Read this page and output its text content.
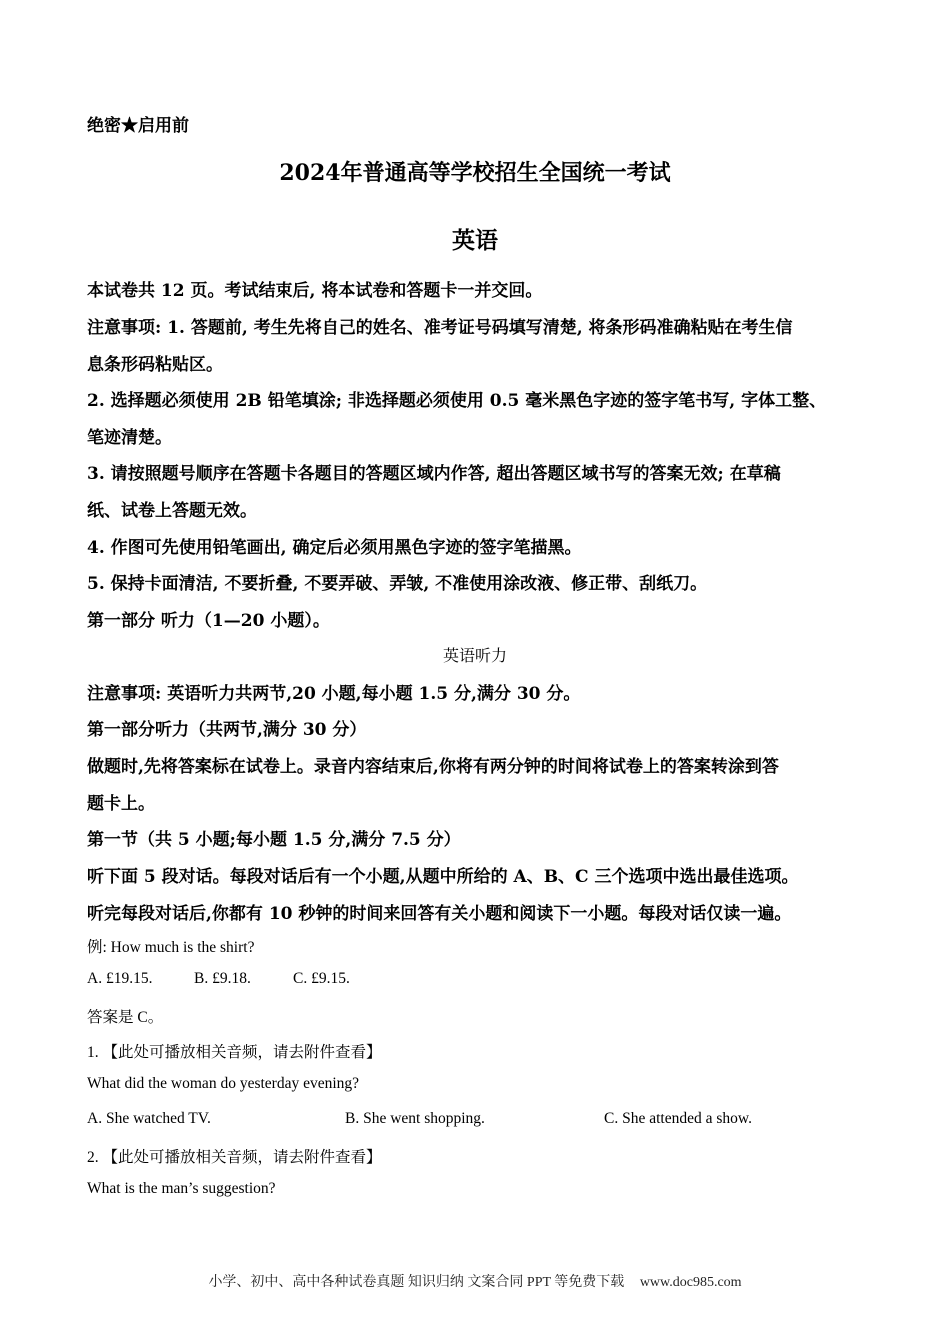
绝密★启用前
2024年普通高等学校招生全国统一考试
英语
本试卷共 12 页。考试结束后, 将本试卷和答题卡一并交回。
注意事项: 1. 答题前, 考生先将自己的姓名、准考证号码填写清楚, 将条形码准确粘贴在考生信
息条形码粘贴区。
2. 选择题必须使用 2B 铅笔填涂; 非选择题必须使用 0.5 毫米黑色字迹的签字笔书写, 字体工整、
笔迹清楚。
3. 请按照题号顺序在答题卡各题目的答题区域内作答, 超出答题区域书写的答案无效; 在草稿
纸、试卷上答题无效。
4. 作图可先使用铅笔画出, 确定后必须用黑色字迹的签字笔描黑。
5. 保持卡面清洁, 不要折叠, 不要弄破、弄皱, 不准使用涂改液、修正带、刮纸刀。
第一部分 听力（1—20 小题）。
英语听力
注意事项: 英语听力共两节,20 小题,每小题 1.5 分,满分 30 分。
第一部分听力（共两节,满分 30 分）
做题时,先将答案标在试卷上。录音内容结束后,你将有两分钟的时间将试卷上的答案转涂到答
题卡上。
第一节（共 5 小题;每小题 1.5 分,满分 7.5 分）
听下面 5 段对话。每段对话后有一个小题,从题中所给的 A、B、C 三个选项中选出最佳选项。
听完每段对话后,你都有 10 秒钟的时间来回答有关小题和阅读下一小题。每段对话仅读一遍。
例: How much is the shirt?
A. £19.15.	B. £9.18.	C. £9.15.
答案是 C。
1. 【此处可播放相关音频，请去附件查看】
What did the woman do yesterday evening?
A. She watched TV.	B. She went shopping.	C. She attended a show.
2. 【此处可播放相关音频，请去附件查看】
What is the man’s suggestion?
小学、初中、高中各种试卷真题 知识归纳 文案合同 PPT 等免费下载 www.doc985.com
